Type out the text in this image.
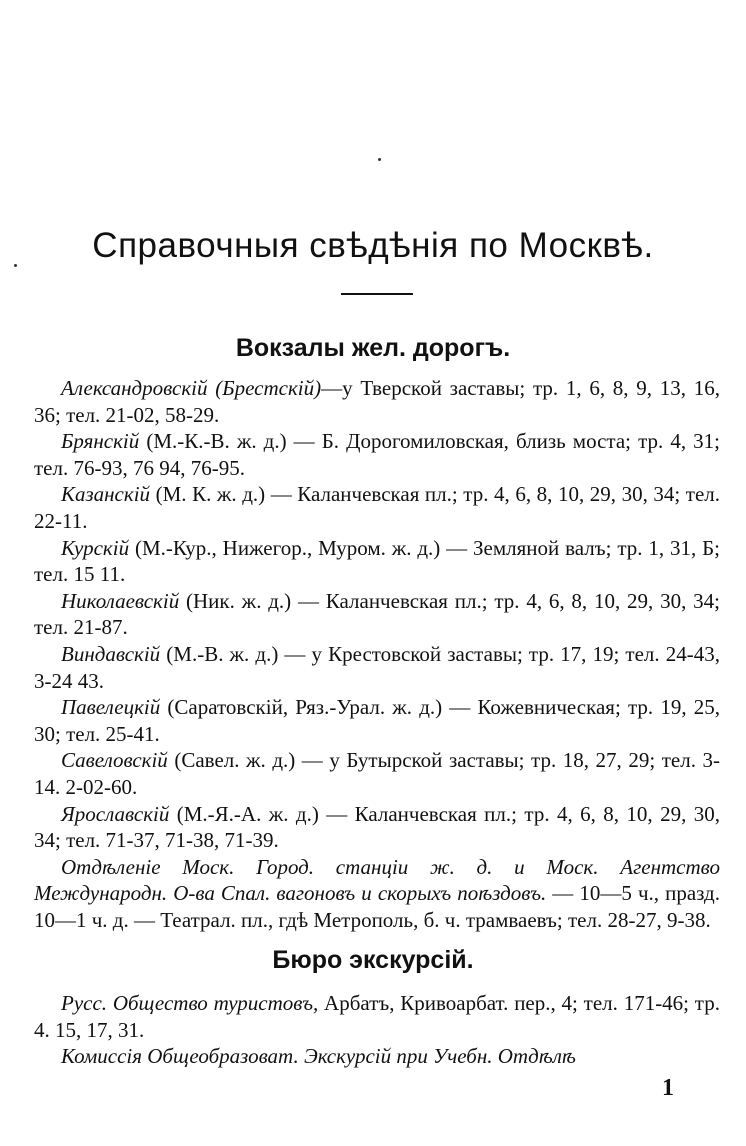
Справочныя свѣдѣнія по Москвѣ.
Вокзалы жел. дорогъ.

Александровскій (Брестскій)—у Тверской заставы; тр. 1, 6, 8, 9, 13, 16, 36; тел. 21-02, 58-29.

Брянскій (М.-К.-В. ж. д.) — Б. Дорогомиловская, близь моста; тр. 4, 31; тел. 76-93, 76 94, 76-95.

Казанскій (М. К. ж. д.) — Каланчевская пл.; тр. 4, 6, 8, 10, 29, 30, 34; тел. 22-11.

Курскій (М.-Кур., Нижегор., Муром. ж. д.) — Земляной валъ; тр. 1, 31, Б; тел. 15 11.

Николаевскій (Ник. ж. д.) — Каланчевская пл.; тр. 4, 6, 8, 10, 29, 30, 34; тел. 21-87.

Виндавскій (М.-В. ж. д.) — у Крестовской заставы; тр. 17, 19; тел. 24-43, 3-24 43.

Павелецкій (Саратовскій, Ряз.-Урал. ж. д.) — Кожевническая; тр. 19, 25, 30; тел. 25-41.

Савеловскій (Савел. ж. д.) — у Бутырской заставы; тр. 18, 27, 29; тел. 3-14. 2-02-60.

Ярославскій (М.-Я.-А. ж. д.) — Каланчевская пл.; тр. 4, 6, 8, 10, 29, 30, 34; тел. 71-37, 71-38, 71-39.

Отдѣленіе Моск. Город. станціи ж. д. и Моск. Агентство Международн. О-ва Спал. вагоновъ и скорыхъ поѣздовъ. — 10—5 ч., празд. 10—1 ч. д. — Театрал. пл., гдѣ Метрополь, б. ч. трамваевъ; тел. 28-27, 9-38.

Бюро экскурсій.

Русс. Общество туристовъ, Арбатъ, Кривоарбат. пер., 4; тел. 171-46; тр. 4. 15, 17, 31.

Комиссія Общеобразоват. Экскурсій при Учебн. Отдѣлѣ

1
